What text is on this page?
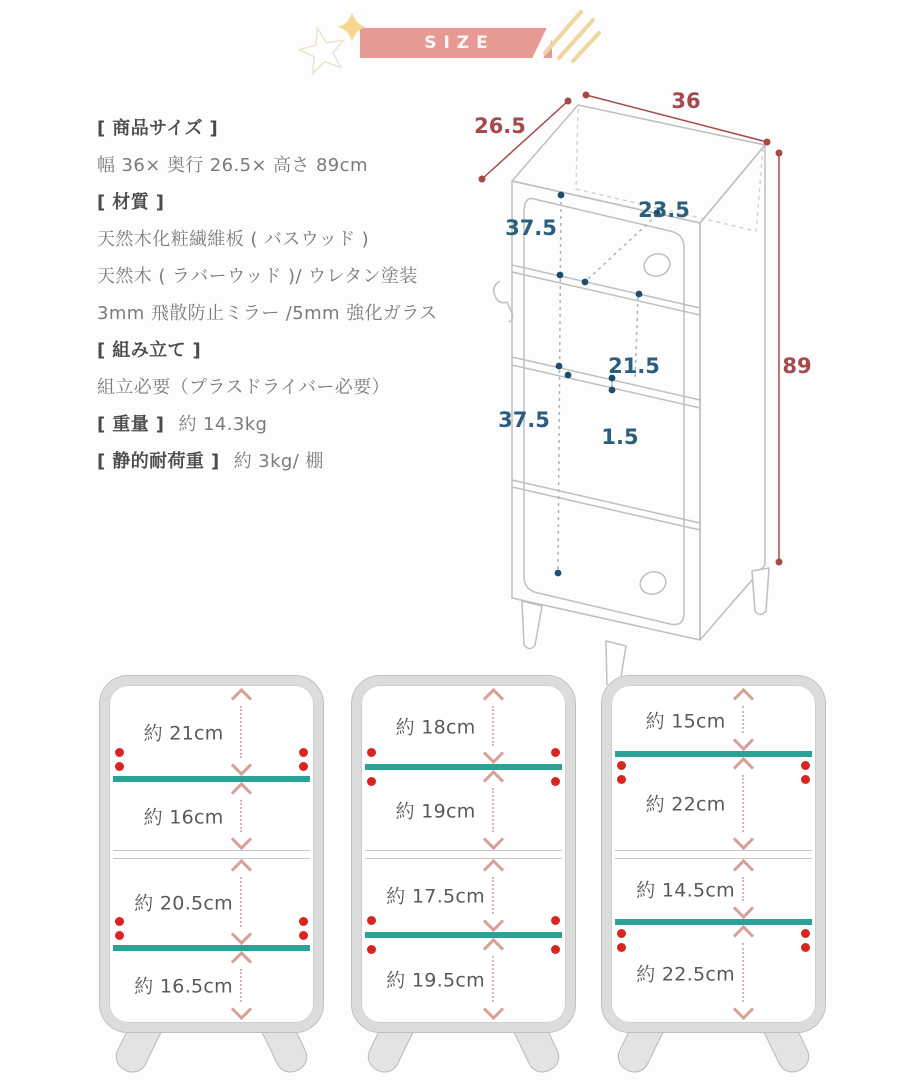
SIZE
[ 商品サイズ ]
幅 36× 奥行 26.5× 高さ 89cm
[ 材質 ]
天然木化粧繊維板 ( バスウッド )
天然木 ( ラバーウッド )/ ウレタン塗装
3mm 飛散防止ミラー /5mm 強化ガラス
[ 組み立て ]
組立必要（プラスドライバー必要）
[ 重量 ] 約 14.3kg
[ 静的耐荷重 ] 約 3kg/ 棚
26.5
36
89
37.5
23.5
21.5
37.5
1.5
約 21cm
約 16cm
約 20.5cm
約 16.5cm
約 18cm
約 19cm
約 17.5cm
約 19.5cm
約 15cm
約 22cm
約 14.5cm
約 22.5cm
